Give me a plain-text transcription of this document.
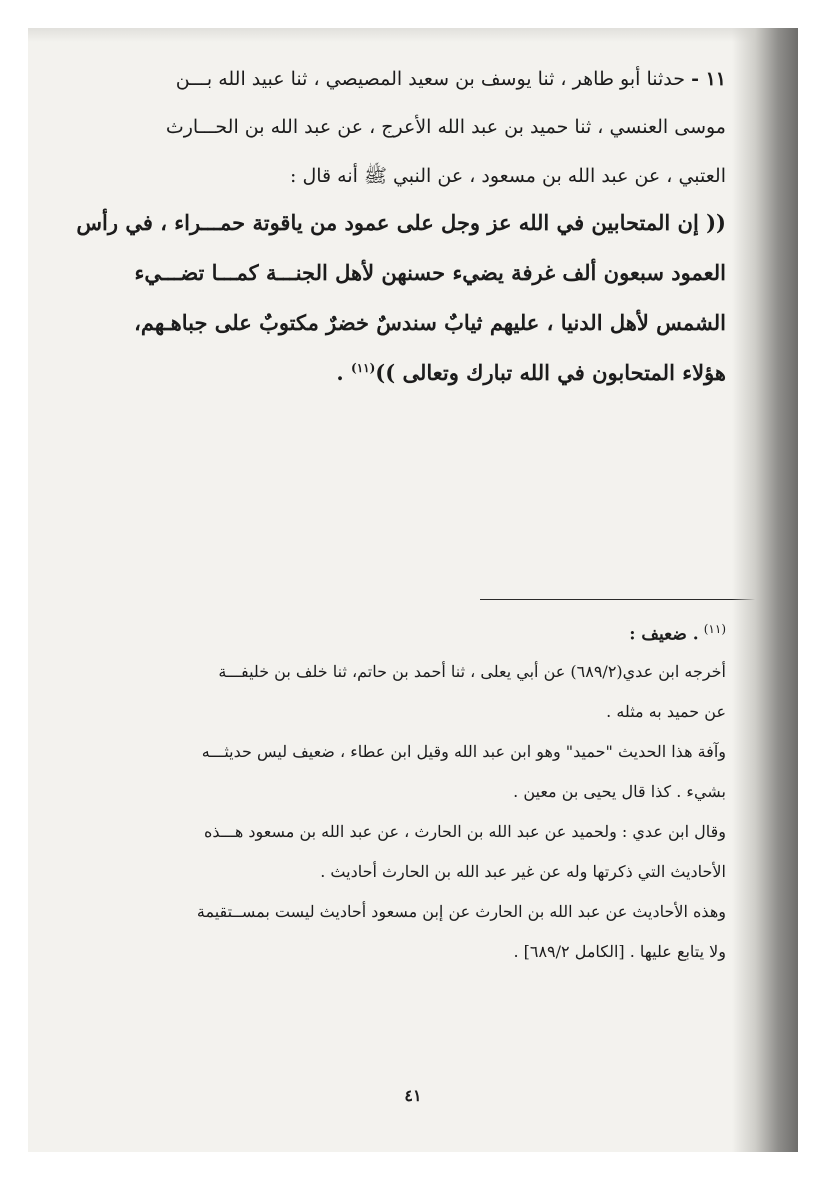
١١ - حدثنا أبو طاهر ، ثنا يوسف بن سعيد المصيصي ، ثنا عبيد الله بـــن
موسى العنسي ، ثنا حميد بن عبد الله الأعرج ، عن عبد الله بن الحـــارث
العتبي ، عن عبد الله بن مسعود ، عن النبي ﷺ أنه قال :
(( إن المتحابين في الله عز وجل على عمود من ياقوتة حمـــراء ، في رأس
العمود سبعون ألف غرفة يضيء حسنهن لأهل الجنـــة كمـــا تضـــيء
الشمس لأهل الدنيا ، عليهم ثيابٌ سندسٌ خضرٌ مكتوبٌ على جباهـهم،
هؤلاء المتحابون في الله تبارك وتعالى ))$^{(١١)}$ .
$^{(١١)}$ . ضعيف :
أخرجه ابن عدي(٦٨٩/٢) عن أبي يعلى ، ثنا أحمد بن حاتم، ثنا خلف بن خليفـــة
عن حميد به مثله .
وآفة هذا الحديث "حميد" وهو ابن عبد الله وقيل ابن عطاء ، ضعيف ليس حديثـــه
بشيء . كذا قال يحيى بن معين .
وقال ابن عدي : ولحميد عن عبد الله بن الحارث ، عن عبد الله بن مسعود هـــذه
الأحاديث التي ذكرتها وله عن غير عبد الله بن الحارث أحاديث .
وهذه الأحاديث عن عبد الله بن الحارث عن إبن مسعود أحاديث ليست بمســتقيمة
ولا يتابع عليها . [الكامل ٦٨٩/٢] .
٤١
